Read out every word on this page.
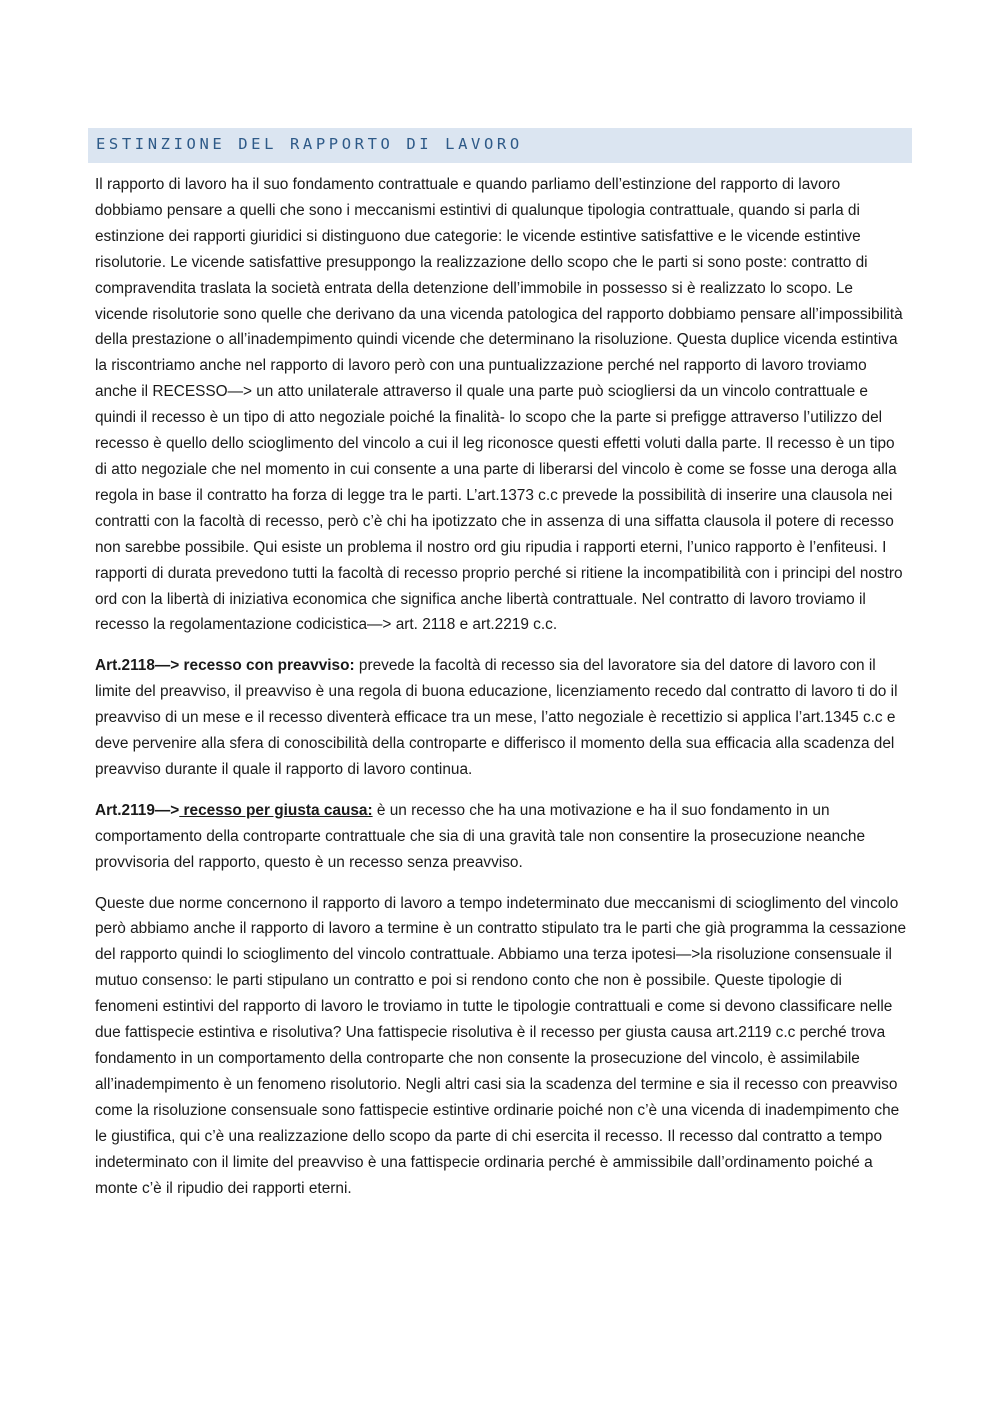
ESTINZIONE DEL RAPPORTO DI LAVORO

Il rapporto di lavoro ha il suo fondamento contrattuale e quando parliamo dell’estinzione del rapporto di lavoro dobbiamo pensare a quelli che sono i meccanismi estintivi di qualunque tipologia contrattuale, quando si parla di estinzione dei rapporti giuridici si distinguono due categorie: le vicende estintive satisfattive e le vicende estintive risolutorie. Le vicende satisfattive presuppongo la realizzazione dello scopo che le parti si sono poste: contratto di compravendita traslata la società entrata della detenzione dell’immobile in possesso si è realizzato lo scopo. Le vicende risolutorie sono quelle che derivano da una vicenda patologica del rapporto dobbiamo pensare all’impossibilità della prestazione o all’inadempimento quindi vicende che determinano la risoluzione. Questa duplice vicenda estintiva la riscontriamo anche nel rapporto di lavoro però con una puntualizzazione perché nel rapporto di lavoro troviamo anche il RECESSO—> un atto unilaterale attraverso il quale una parte può sciogliersi da un vincolo contrattuale e quindi il recesso è un tipo di atto negoziale poiché la finalità- lo scopo che la parte si prefigge attraverso l’utilizzo del recesso è quello dello scioglimento del vincolo a cui il leg riconosce questi effetti voluti dalla parte. Il recesso è un tipo di atto negoziale che nel momento in cui consente a una parte di liberarsi del vincolo è come se fosse una deroga alla regola in base il contratto ha forza di legge tra le parti. L’art.1373 c.c prevede la possibilità di inserire una clausola nei contratti con la facoltà di recesso, però c’è chi ha ipotizzato che in assenza di una siffatta clausola il potere di recesso non sarebbe possibile. Qui esiste un problema il nostro ord giu ripudia i rapporti eterni, l’unico rapporto è l’enfiteusi. I rapporti di durata prevedono tutti la facoltà di recesso proprio perché si ritiene la incompatibilità con i principi del nostro ord con la libertà di iniziativa economica che significa anche libertà contrattuale. Nel contratto di lavoro troviamo il recesso la regolamentazione codicistica—> art. 2118 e art.2219 c.c.

Art.2118—> recesso con preavviso: prevede la facoltà di recesso sia del lavoratore sia del datore di lavoro con il limite del preavviso, il preavviso è una regola di buona educazione, licenziamento recedo dal contratto di lavoro ti do il preavviso di un mese e il recesso diventerà efficace tra un mese, l’atto negoziale è recettizio si applica l’art.1345 c.c e deve pervenire alla sfera di conoscibilità della controparte e differisco il momento della sua efficacia alla scadenza del preavviso durante il quale il rapporto di lavoro continua.

Art.2119—> recesso per giusta causa: è un recesso che ha una motivazione e ha il suo fondamento in un comportamento della controparte contrattuale che sia di una gravità tale non consentire la prosecuzione neanche provvisoria del rapporto, questo è un recesso senza preavviso.

Queste due norme concernono il rapporto di lavoro a tempo indeterminato due meccanismi di scioglimento del vincolo però abbiamo anche il rapporto di lavoro a termine è un contratto stipulato tra le parti che già programma la cessazione del rapporto quindi lo scioglimento del vincolo contrattuale. Abbiamo una terza ipotesi—>la risoluzione consensuale il mutuo consenso: le parti stipulano un contratto e poi si rendono conto che non è possibile. Queste tipologie di fenomeni estintivi del rapporto di lavoro le troviamo in tutte le tipologie contrattuali e come si devono classificare nelle due fattispecie estintiva e risolutiva? Una fattispecie risolutiva è il recesso per giusta causa art.2119 c.c perché trova fondamento in un comportamento della controparte che non consente la prosecuzione del vincolo, è assimilabile all’inadempimento è un fenomeno risolutorio. Negli altri casi sia la scadenza del termine e sia il recesso con preavviso come la risoluzione consensuale sono fattispecie estintive ordinarie poiché non c’è una vicenda di inadempimento che le giustifica, qui c’è una realizzazione dello scopo da parte di chi esercita il recesso. Il recesso dal contratto a tempo indeterminato con il limite del preavviso è una fattispecie ordinaria perché è ammissibile dall’ordinamento poiché a monte c’è il ripudio dei rapporti eterni.
